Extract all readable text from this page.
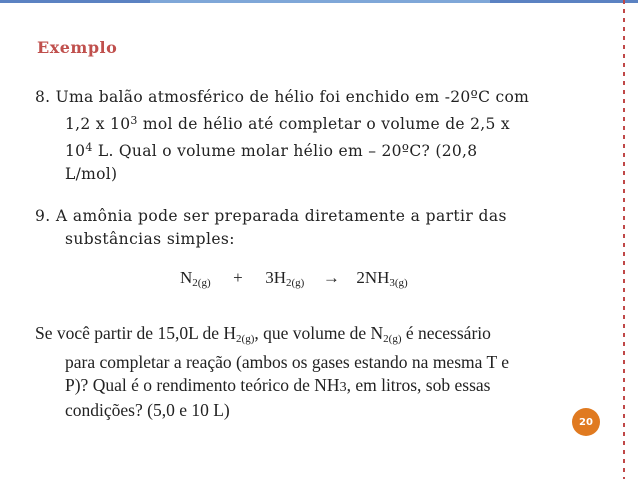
Exemplo
8. Uma balão atmosférico de hélio foi enchido em -20ºC com
1,2 x $10^3$ mol de hélio até completar o volume de 2,5 x
$10^4$ L. Qual o volume molar hélio em – 20ºC? (20,8
L/mol)
9. A amônia pode ser preparada diretamente a partir das
substâncias simples:
$N_{2(g)} + 3H_{2(g)} \to 2NH_{3(g)}$
Se você partir de 15,0L de $H_{2(g)}$, que volume de $N_{2(g)}$ é necessário
para completar a reação (ambos os gases estando na mesma T e
P)? Qual é o rendimento teórico de NH3, em litros, sob essas
condições? (5,0 e 10 L)
20
